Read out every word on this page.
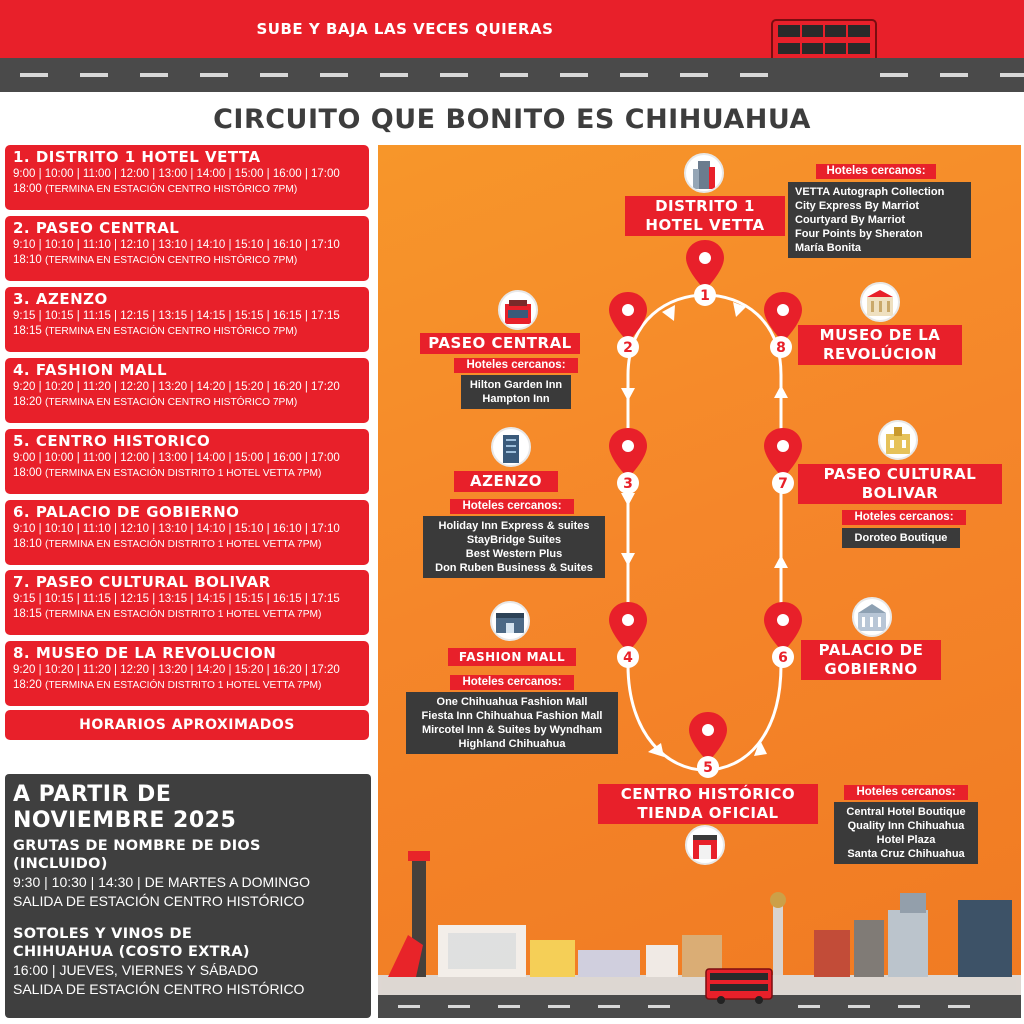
SUBE Y BAJA LAS VECES QUIERAS
CIRCUITO QUE BONITO ES CHIHUAHUA
1. DISTRITO 1 HOTEL VETTA
9:00 | 10:00 | 11:00 | 12:00 | 13:00 | 14:00 | 15:00 | 16:00 | 17:00
18:00 (TERMINA EN ESTACIÓN CENTRO HISTÓRICO 7PM)
2. PASEO CENTRAL
9:10 | 10:10 | 11:10 | 12:10 | 13:10 | 14:10 | 15:10 | 16:10 | 17:10
18:10 (TERMINA EN ESTACIÓN CENTRO HISTÓRICO 7PM)
3. AZENZO
9:15 | 10:15 | 11:15 | 12:15 | 13:15 | 14:15 | 15:15 | 16:15 | 17:15
18:15 (TERMINA EN ESTACIÓN CENTRO HISTÓRICO 7PM)
4. FASHION MALL
9:20 | 10:20 | 11:20 | 12:20 | 13:20 | 14:20 | 15:20 | 16:20 | 17:20
18:20 (TERMINA EN ESTACIÓN CENTRO HISTÓRICO 7PM)
5. CENTRO HISTORICO
9:00 | 10:00 | 11:00 | 12:00 | 13:00 | 14:00 | 15:00 | 16:00 | 17:00
18:00 (TERMINA EN ESTACIÓN DISTRITO 1 HOTEL VETTA 7PM)
6. PALACIO DE GOBIERNO
9:10 | 10:10 | 11:10 | 12:10 | 13:10 | 14:10 | 15:10 | 16:10 | 17:10
18:10 (TERMINA EN ESTACIÓN DISTRITO 1 HOTEL VETTA 7PM)
7. PASEO CULTURAL BOLIVAR
9:15 | 10:15 | 11:15 | 12:15 | 13:15 | 14:15 | 15:15 | 16:15 | 17:15
18:15 (TERMINA EN ESTACIÓN DISTRITO 1 HOTEL VETTA 7PM)
8. MUSEO DE LA REVOLUCION
9:20 | 10:20 | 11:20 | 12:20 | 13:20 | 14:20 | 15:20 | 16:20 | 17:20
18:20 (TERMINA EN ESTACIÓN DISTRITO 1 HOTEL VETTA 7PM)
HORARIOS APROXIMADOS
A PARTIR DE
NOVIEMBRE 2025
GRUTAS DE NOMBRE DE DIOS
(INCLUIDO)
9:30 | 10:30 | 14:30 | DE MARTES A DOMINGO
SALIDA DE ESTACIÓN CENTRO HISTÓRICO
SOTOLES Y VINOS DE
CHIHUAHUA (COSTO EXTRA)
16:00 | JUEVES, VIERNES Y SÁBADO
SALIDA DE ESTACIÓN CENTRO HISTÓRICO
1
2
3
4
5
6
7
8
DISTRITO 1
HOTEL VETTA
PASEO CENTRAL
AZENZO
FASHION MALL
CENTRO HISTÓRICO
TIENDA OFICIAL
PALACIO DE
GOBIERNO
PASEO CULTURAL
BOLIVAR
MUSEO DE LA
REVOLÚCION
Hoteles cercanos:
VETTA Autograph Collection
City Express By Marriot
Courtyard By Marriot
Four Points by Sheraton
María Bonita
Hoteles cercanos:
Hilton Garden Inn
Hampton Inn
Hoteles cercanos:
Holiday Inn Express & suites
StayBridge Suites
Best Western Plus
Don Ruben Business & Suites
Hoteles cercanos:
One Chihuahua Fashion Mall
Fiesta Inn Chihuahua Fashion Mall
Mircotel Inn & Suites by Wyndham
Highland Chihuahua
Hoteles cercanos:
Central Hotel Boutique
Quality Inn Chihuahua
Hotel Plaza
Santa Cruz Chihuahua
Hoteles cercanos:
Doroteo Boutique
